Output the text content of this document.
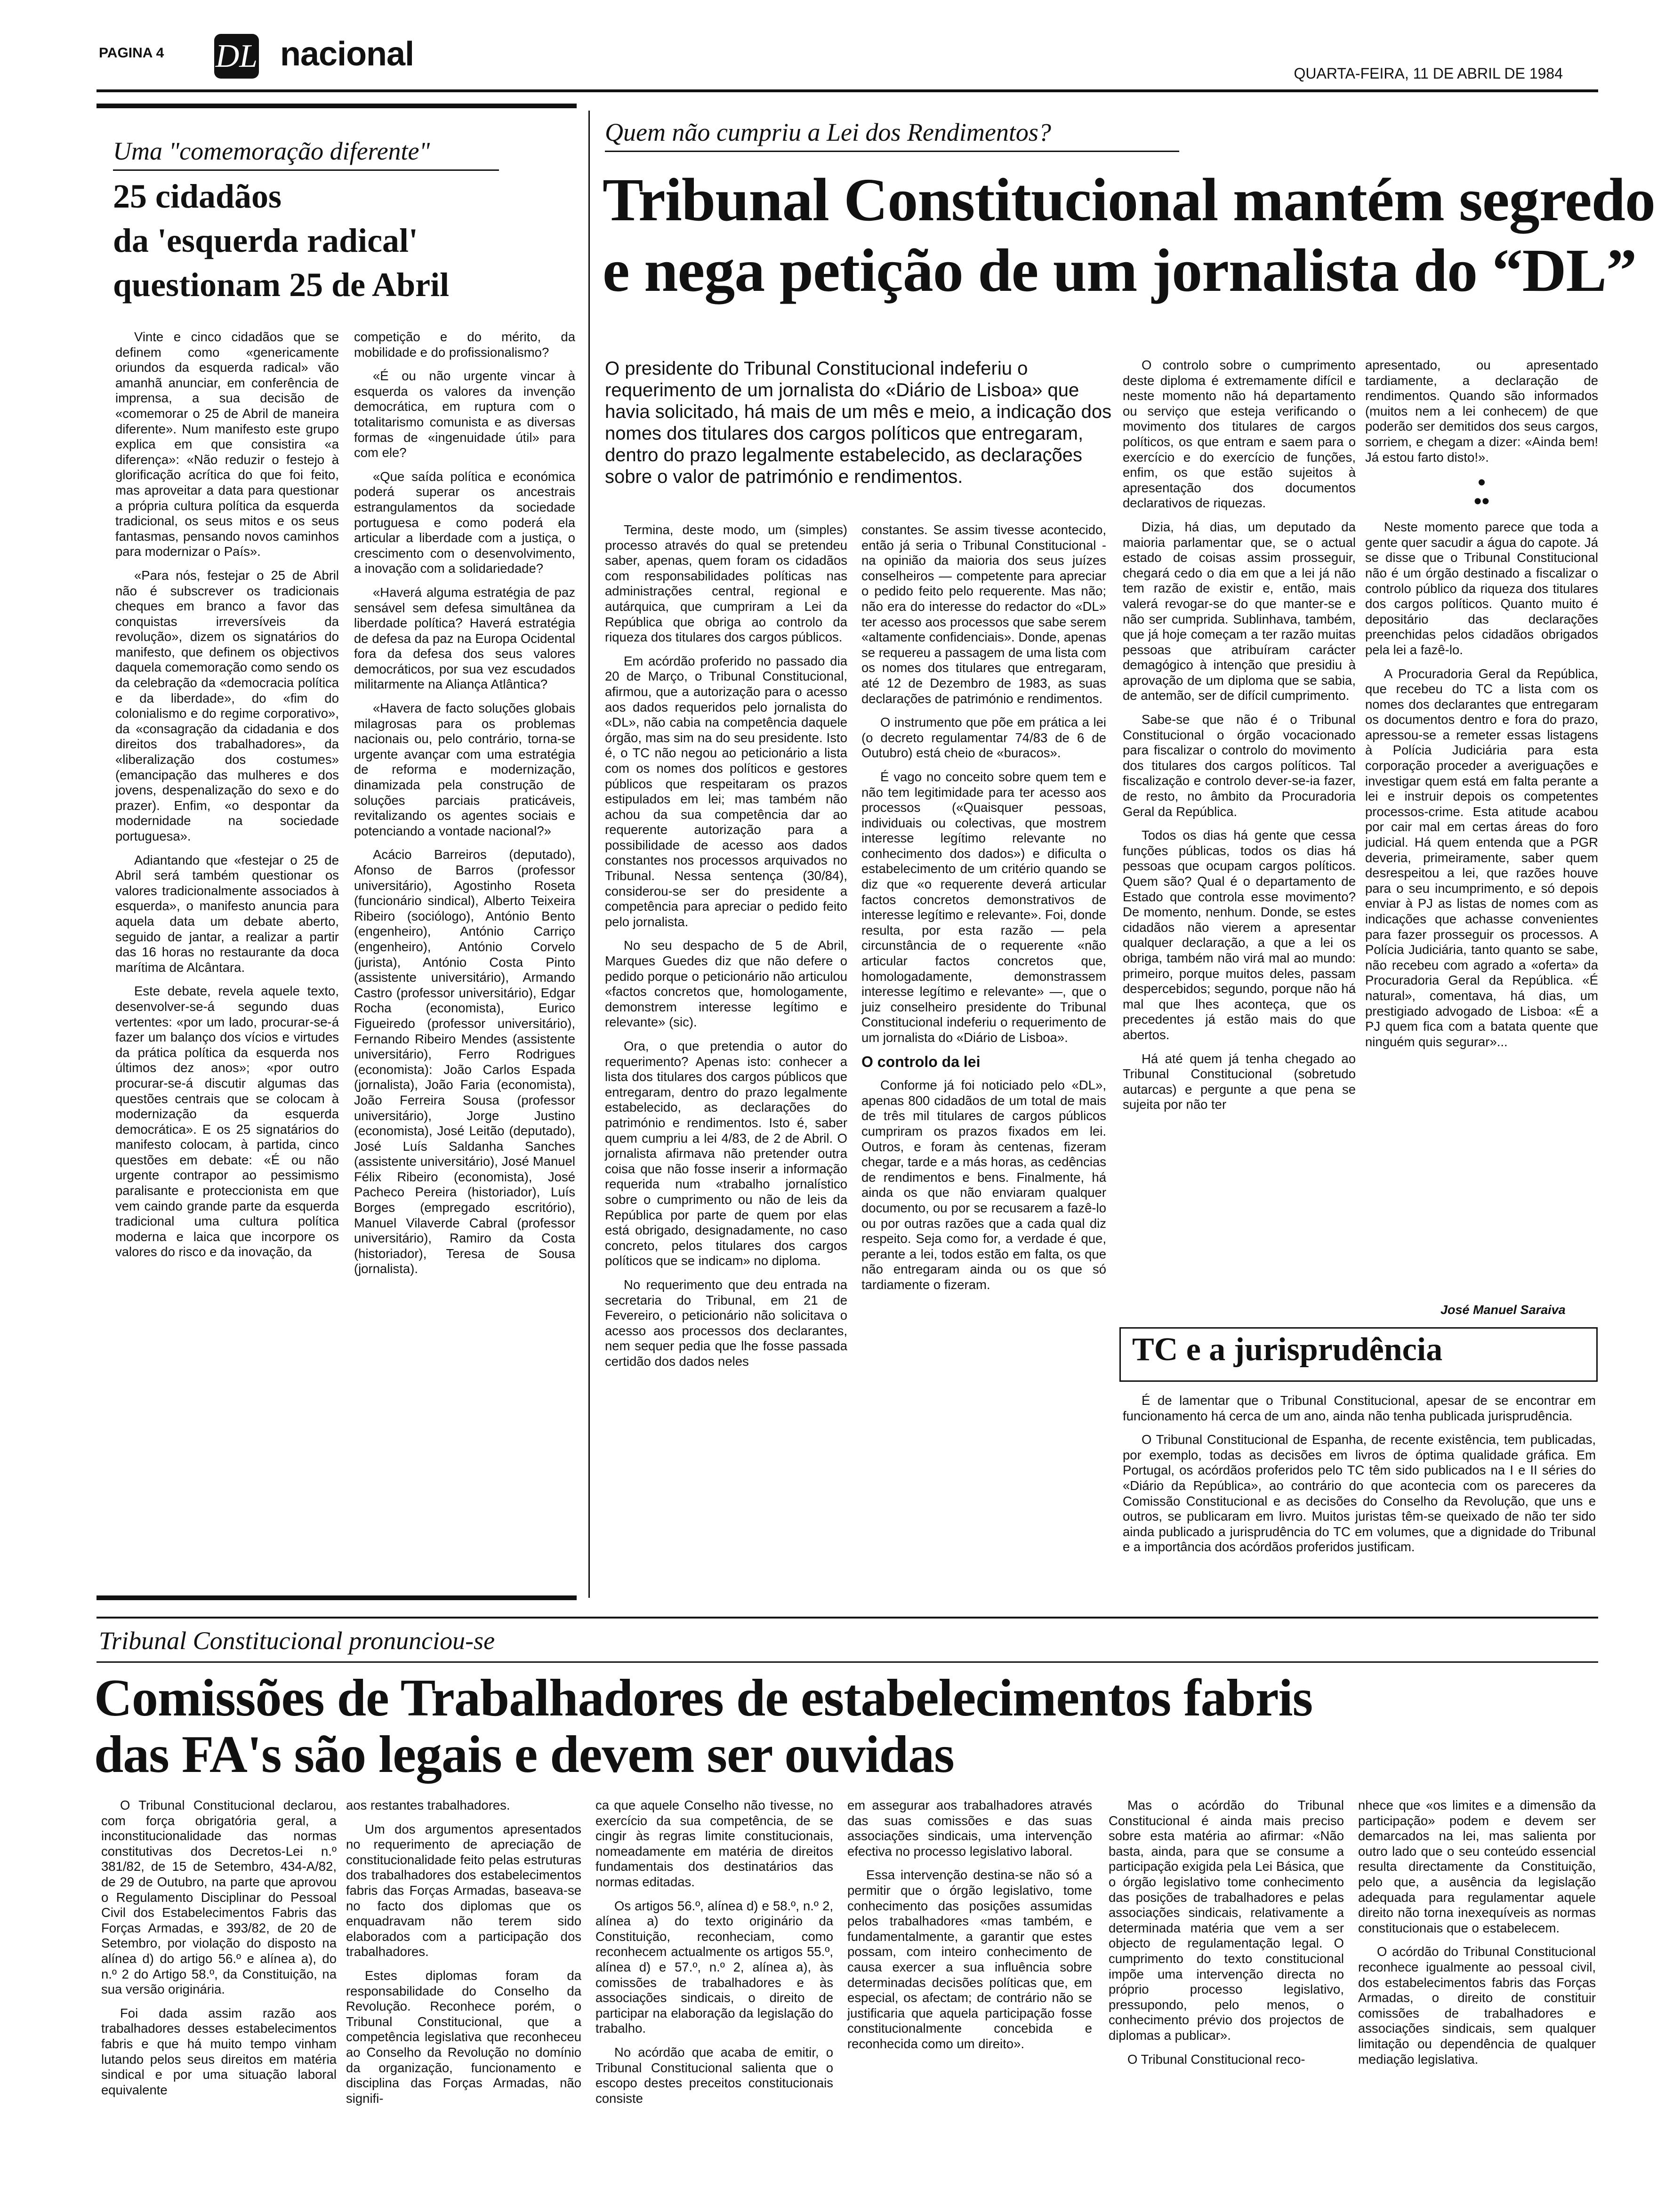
PAGINA 4 DL nacional
QUARTA-FEIRA, 11 DE ABRIL DE 1984
Uma "comemoração diferente"
25 cidadãos
da 'esquerda radical'
questionam 25 de Abril

Vinte e cinco cidadãos que se definem como «genericamente oriundos da esquerda radical» vão amanhã anunciar, em conferência de imprensa, a sua decisão de «comemorar o 25 de Abril de maneira diferente». Num manifesto este grupo explica em que consistira «a diferença»: «Não reduzir o festejo à glorificação acrítica do que foi feito, mas aproveitar a data para questionar a própria cultura política da esquerda tradicional, os seus mitos e os seus fantasmas, pensando novos caminhos para modernizar o País».

«Para nós, festejar o 25 de Abril não é subscrever os tradicionais cheques em branco a favor das conquistas irreversíveis da revolução», dizem os signatários do manifesto, que definem os objectivos daquela comemoração como sendo os da celebração da «democracia política e da liberdade», do «fim do colonialismo e do regime corporativo», da «consagração da cidadania e dos direitos dos trabalhadores», da «liberalização dos costumes» (emancipação das mulheres e dos jovens, despenalização do sexo e do prazer). Enfim, «o despontar da modernidade na sociedade portuguesa».

Adiantando que «festejar o 25 de Abril será também questionar os valores tradicionalmente associados à esquerda», o manifesto anuncia para aquela data um debate aberto, seguido de jantar, a realizar a partir das 16 horas no restaurante da doca marítima de Alcântara.

Este debate, revela aquele texto, desenvolver-se-á segundo duas vertentes: «por um lado, procurar-se-á fazer um balanço dos vícios e virtudes da prática política da esquerda nos últimos dez anos»; «por outro procurar-se-á discutir algumas das questões centrais que se colocam à modernização da esquerda democrática». E os 25 signatários do manifesto colocam, à partida, cinco questões em debate: «É ou não urgente contrapor ao pessimismo paralisante e proteccionista em que vem caindo grande parte da esquerda tradicional uma cultura política moderna e laica que incorpore os valores do risco e da inovação, da

competição e do mérito, da mobilidade e do profissionalismo?

«É ou não urgente vincar à esquerda os valores da invenção democrática, em ruptura com o totalitarismo comunista e as diversas formas de «ingenuidade útil» para com ele?

«Que saída política e económica poderá superar os ancestrais estrangulamentos da sociedade portuguesa e como poderá ela articular a liberdade com a justiça, o crescimento com o desenvolvimento, a inovação com a solidariedade?

«Haverá alguma estratégia de paz sensável sem defesa simultânea da liberdade política? Haverá estratégia de defesa da paz na Europa Ocidental fora da defesa dos seus valores democráticos, por sua vez escudados militarmente na Aliança Atlântica?

«Havera de facto soluções globais milagrosas para os problemas nacionais ou, pelo contrário, torna-se urgente avançar com uma estratégia de reforma e modernização, dinamizada pela construção de soluções parciais praticáveis, revitalizando os agentes sociais e potenciando a vontade nacional?»

Acácio Barreiros (deputado), Afonso de Barros (professor universitário), Agostinho Roseta (funcionário sindical), Alberto Teixeira Ribeiro (sociólogo), António Bento (engenheiro), António Carriço (engenheiro), António Corvelo (jurista), António Costa Pinto (assistente universitário), Armando Castro (professor universitário), Edgar Rocha (economista), Eurico Figueiredo (professor universitário), Fernando Ribeiro Mendes (assistente universitário), Ferro Rodrigues (economista): João Carlos Espada (jornalista), João Faria (economista), João Ferreira Sousa (professor universitário), Jorge Justino (economista), José Leitão (deputado), José Luís Saldanha Sanches (assistente universitário), José Manuel Félix Ribeiro (economista), José Pacheco Pereira (historiador), Luís Borges (empregado escritório), Manuel Vilaverde Cabral (professor universitário), Ramiro da Costa (historiador), Teresa de Sousa (jornalista).

Quem não cumpriu a Lei dos Rendimentos?
Tribunal Constitucional mantém segredo
e nega petição de um jornalista do “DL”
O presidente do Tribunal Constitucional indeferiu o requerimento de um jornalista do «Diário de Lisboa» que havia solicitado, há mais de um mês e meio, a indicação dos nomes dos titulares dos cargos políticos que entregaram, dentro do prazo legalmente estabelecido, as declarações sobre o valor de património e rendimentos.

Termina, deste modo, um (simples) processo através do qual se pretendeu saber, apenas, quem foram os cidadãos com responsabilidades políticas nas administrações central, regional e autárquica, que cumpriram a Lei da República que obriga ao controlo da riqueza dos titulares dos cargos públicos.

Em acórdão proferido no passado dia 20 de Março, o Tribunal Constitucional, afirmou, que a autorização para o acesso aos dados requeridos pelo jornalista do «DL», não cabia na competência daquele órgão, mas sim na do seu presidente. Isto é, o TC não negou ao peticionário a lista com os nomes dos políticos e gestores públicos que respeitaram os prazos estipulados em lei; mas também não achou da sua competência dar ao requerente autorização para a possibilidade de acesso aos dados constantes nos processos arquivados no Tribunal. Nessa sentença (30/84), considerou-se ser do presidente a competência para apreciar o pedido feito pelo jornalista.

No seu despacho de 5 de Abril, Marques Guedes diz que não defere o pedido porque o peticionário não articulou «factos concretos que, homologamente, demonstrem interesse legítimo e relevante» (sic).

Ora, o que pretendia o autor do requerimento? Apenas isto: conhecer a lista dos titulares dos cargos públicos que entregaram, dentro do prazo legalmente estabelecido, as declarações do património e rendimentos. Isto é, saber quem cumpriu a lei 4/83, de 2 de Abril. O jornalista afirmava não pretender outra coisa que não fosse inserir a informação requerida num «trabalho jornalístico sobre o cumprimento ou não de leis da República por parte de quem por elas está obrigado, designadamente, no caso concreto, pelos titulares dos cargos políticos que se indicam» no diploma.

No requerimento que deu entrada na secretaria do Tribunal, em 21 de Fevereiro, o peticionário não solicitava o acesso aos processos dos declarantes, nem sequer pedia que lhe fosse passada certidão dos dados neles

constantes. Se assim tivesse acontecido, então já seria o Tribunal Constitucional - na opinião da maioria dos seus juízes conselheiros — competente para apreciar o pedido feito pelo requerente. Mas não; não era do interesse do redactor do «DL» ter acesso aos processos que sabe serem «altamente confidenciais». Donde, apenas se requereu a passagem de uma lista com os nomes dos titulares que entregaram, até 12 de Dezembro de 1983, as suas declarações de património e rendimentos.

O instrumento que põe em prática a lei (o decreto regulamentar 74/83 de 6 de Outubro) está cheio de «buracos».

É vago no conceito sobre quem tem e não tem legitimidade para ter acesso aos processos («Quaisquer pessoas, individuais ou colectivas, que mostrem interesse legítimo relevante no conhecimento dos dados») e dificulta o estabelecimento de um critério quando se diz que «o requerente deverá articular factos concretos demonstrativos de interesse legítimo e relevante». Foi, donde resulta, por esta razão — pela circunstância de o requerente «não articular factos concretos que, homologadamente, demonstrassem interesse legítimo e relevante» —, que o juiz conselheiro presidente do Tribunal Constitucional indeferiu o requerimento de um jornalista do «Diário de Lisboa».

O controlo da lei

Conforme já foi noticiado pelo «DL», apenas 800 cidadãos de um total de mais de três mil titulares de cargos públicos cumpriram os prazos fixados em lei. Outros, e foram às centenas, fizeram chegar, tarde e a más horas, as cedências de rendimentos e bens. Finalmente, há ainda os que não enviaram qualquer documento, ou por se recusarem a fazê-lo ou por outras razões que a cada qual diz respeito. Seja como for, a verdade é que, perante a lei, todos estão em falta, os que não entregaram ainda ou os que só tardiamente o fizeram.

O controlo sobre o cumprimento deste diploma é extremamente difícil e neste momento não há departamento ou serviço que esteja verificando o movimento dos titulares de cargos políticos, os que entram e saem para o exercício e do exercício de funções, enfim, os que estão sujeitos à apresentação dos documentos declarativos de riquezas.

Dizia, há dias, um deputado da maioria parlamentar que, se o actual estado de coisas assim prosseguir, chegará cedo o dia em que a lei já não tem razão de existir e, então, mais valerá revogar-se do que manter-se e não ser cumprida. Sublinhava, também, que já hoje começam a ter razão muitas pessoas que atribuíram carácter demagógico à intenção que presidiu à aprovação de um diploma que se sabia, de antemão, ser de difícil cumprimento.

Sabe-se que não é o Tribunal Constitucional o órgão vocacionado para fiscalizar o controlo do movimento dos titulares dos cargos políticos. Tal fiscalização e controlo dever-se-ia fazer, de resto, no âmbito da Procuradoria Geral da República.

Todos os dias há gente que cessa funções públicas, todos os dias há pessoas que ocupam cargos políticos. Quem são? Qual é o departamento de Estado que controla esse movimento? De momento, nenhum. Donde, se estes cidadãos não vierem a apresentar qualquer declaração, a que a lei os obriga, também não virá mal ao mundo: primeiro, porque muitos deles, passam despercebidos; segundo, porque não há mal que lhes aconteça, que os precedentes já estão mais do que abertos.

Há até quem já tenha chegado ao Tribunal Constitucional (sobretudo autarcas) e pergunte a que pena se sujeita por não ter

apresentado, ou apresentado tardiamente, a declaração de rendimentos. Quando são informados (muitos nem a lei conhecem) de que poderão ser demitidos dos seus cargos, sorriem, e chegam a dizer: «Ainda bem! Já estou farto disto!».

•
••

Neste momento parece que toda a gente quer sacudir a água do capote. Já se disse que o Tribunal Constitucional não é um órgão destinado a fiscalizar o controlo público da riqueza dos titulares dos cargos políticos. Quanto muito é depositário das declarações preenchidas pelos cidadãos obrigados pela lei a fazê-lo.

A Procuradoria Geral da República, que recebeu do TC a lista com os nomes dos declarantes que entregaram os documentos dentro e fora do prazo, apressou-se a remeter essas listagens à Polícia Judiciária para esta corporação proceder a averiguações e investigar quem está em falta perante a lei e instruir depois os competentes processos-crime. Esta atitude acabou por cair mal em certas áreas do foro judicial. Há quem entenda que a PGR deveria, primeiramente, saber quem desrespeitou a lei, que razões houve para o seu incumprimento, e só depois enviar à PJ as listas de nomes com as indicações que achasse convenientes para fazer prosseguir os processos. A Polícia Judiciária, tanto quanto se sabe, não recebeu com agrado a «oferta» da Procuradoria Geral da República. «É natural», comentava, há dias, um prestigiado advogado de Lisboa: «É a PJ quem fica com a batata quente que ninguém quis segurar»...

José Manuel Saraiva
TC e a jurisprudência

É de lamentar que o Tribunal Constitucional, apesar de se encontrar em funcionamento há cerca de um ano, ainda não tenha publicada jurisprudência.

O Tribunal Constitucional de Espanha, de recente existência, tem publicadas, por exemplo, todas as decisões em livros de óptima qualidade gráfica. Em Portugal, os acórdãos proferidos pelo TC têm sido publicados na I e II séries do «Diário da República», ao contrário do que acontecia com os pareceres da Comissão Constitucional e as decisões do Conselho da Revolução, que uns e outros, se publicaram em livro. Muitos juristas têm-se queixado de não ter sido ainda publicado a jurisprudência do TC em volumes, que a dignidade do Tribunal e a importância dos acórdãos proferidos justificam.

Tribunal Constitucional pronunciou-se
Comissões de Trabalhadores de estabelecimentos fabris
das FA's são legais e devem ser ouvidas

O Tribunal Constitucional declarou, com força obrigatória geral, a inconstitucionalidade das normas constitutivas dos Decretos-Lei n.º 381/82, de 15 de Setembro, 434-A/82, de 29 de Outubro, na parte que aprovou o Regulamento Disciplinar do Pessoal Civil dos Estabelecimentos Fabris das Forças Armadas, e 393/82, de 20 de Setembro, por violação do disposto na alínea d) do artigo 56.º e alínea a), do n.º 2 do Artigo 58.º, da Constituição, na sua versão originária.

Foi dada assim razão aos trabalhadores desses estabelecimentos fabris e que há muito tempo vinham lutando pelos seus direitos em matéria sindical e por uma situação laboral equivalente

aos restantes trabalhadores.

Um dos argumentos apresentados no requerimento de apreciação de constitucionalidade feito pelas estruturas dos trabalhadores dos estabelecimentos fabris das Forças Armadas, baseava-se no facto dos diplomas que os enquadravam não terem sido elaborados com a participação dos trabalhadores.

Estes diplomas foram da responsabilidade do Conselho da Revolução. Reconhece porém, o Tribunal Constitucional, que a competência legislativa que reconheceu ao Conselho da Revolução no domínio da organização, funcionamento e disciplina das Forças Armadas, não signifi-

ca que aquele Conselho não tivesse, no exercício da sua competência, de se cingir às regras limite constitucionais, nomeadamente em matéria de direitos fundamentais dos destinatários das normas editadas.

Os artigos 56.º, alínea d) e 58.º, n.º 2, alínea a) do texto originário da Constituição, reconheciam, como reconhecem actualmente os artigos 55.º, alínea d) e 57.º, n.º 2, alínea a), às comissões de trabalhadores e às associações sindicais, o direito de participar na elaboração da legislação do trabalho.

No acórdão que acaba de emitir, o Tribunal Constitucional salienta que o escopo destes preceitos constitucionais consiste

em assegurar aos trabalhadores através das suas comissões e das suas associações sindicais, uma intervenção efectiva no processo legislativo laboral.

Essa intervenção destina-se não só a permitir que o órgão legislativo, tome conhecimento das posições assumidas pelos trabalhadores «mas também, e fundamentalmente, a garantir que estes possam, com inteiro conhecimento de causa exercer a sua influência sobre determinadas decisões políticas que, em especial, os afectam; de contrário não se justificaria que aquela participação fosse constitucionalmente concebida e reconhecida como um direito».

Mas o acórdão do Tribunal Constitucional é ainda mais preciso sobre esta matéria ao afirmar: «Não basta, ainda, para que se consume a participação exigida pela Lei Básica, que o órgão legislativo tome conhecimento das posições de trabalhadores e pelas associações sindicais, relativamente a determinada matéria que vem a ser objecto de regulamentação legal. O cumprimento do texto constitucional impõe uma intervenção directa no próprio processo legislativo, pressupondo, pelo menos, o conhecimento prévio dos projectos de diplomas a publicar».

O Tribunal Constitucional reco-

nhece que «os limites e a dimensão da participação» podem e devem ser demarcados na lei, mas salienta por outro lado que o seu conteúdo essencial resulta directamente da Constituição, pelo que, a ausência da legislação adequada para regulamentar aquele direito não torna inexequíveis as normas constitucionais que o estabelecem.

O acórdão do Tribunal Constitucional reconhece igualmente ao pessoal civil, dos estabelecimentos fabris das Forças Armadas, o direito de constituir comissões de trabalhadores e associações sindicais, sem qualquer limitação ou dependência de qualquer mediação legislativa.
